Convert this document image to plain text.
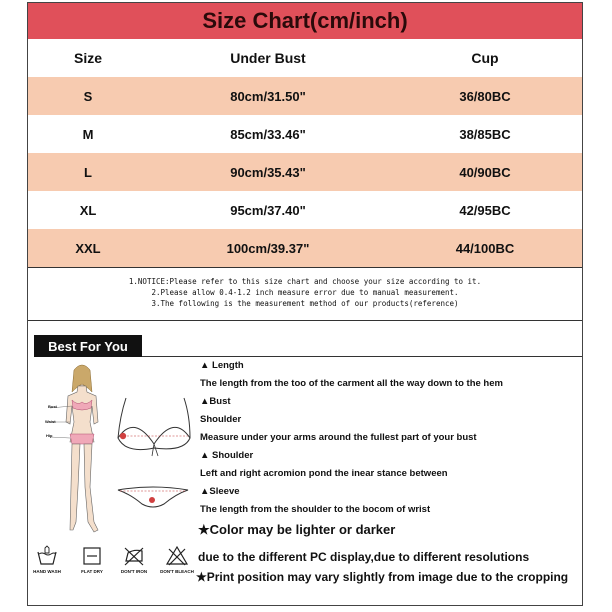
Size Chart(cm/inch)
Size	Under Bust	Cup
S	80cm/31.50"	36/80BC
M	85cm/33.46"	38/85BC
L	90cm/35.43"	40/90BC
XL	95cm/37.40"	42/95BC
XXL	100cm/39.37"	44/100BC
1.NOTICE:Please refer to this size chart and choose your size according to it.
2.Please allow 0.4-1.2 inch measure error due to manual measurement.
3.The following is the measurement method of our products(reference)
Best For You
Bust
Waist
Hip
▲ Length
The length from the too of the carment all the way down to the hem
▲Bust
Shoulder
Measure under your arms around the fullest part of your bust
▲ Shoulder
Left and right acromion pond the inear stance between
▲Sleeve
The length from the shoulder to the bocom of wrist
★Color may be lighter or darker
due to the different PC display,due to different resolutions
★Print position may vary slightly from image due to the cropping
HAND WASH	FLAT DRY	DON'T IRON	DON'T BLEACH
